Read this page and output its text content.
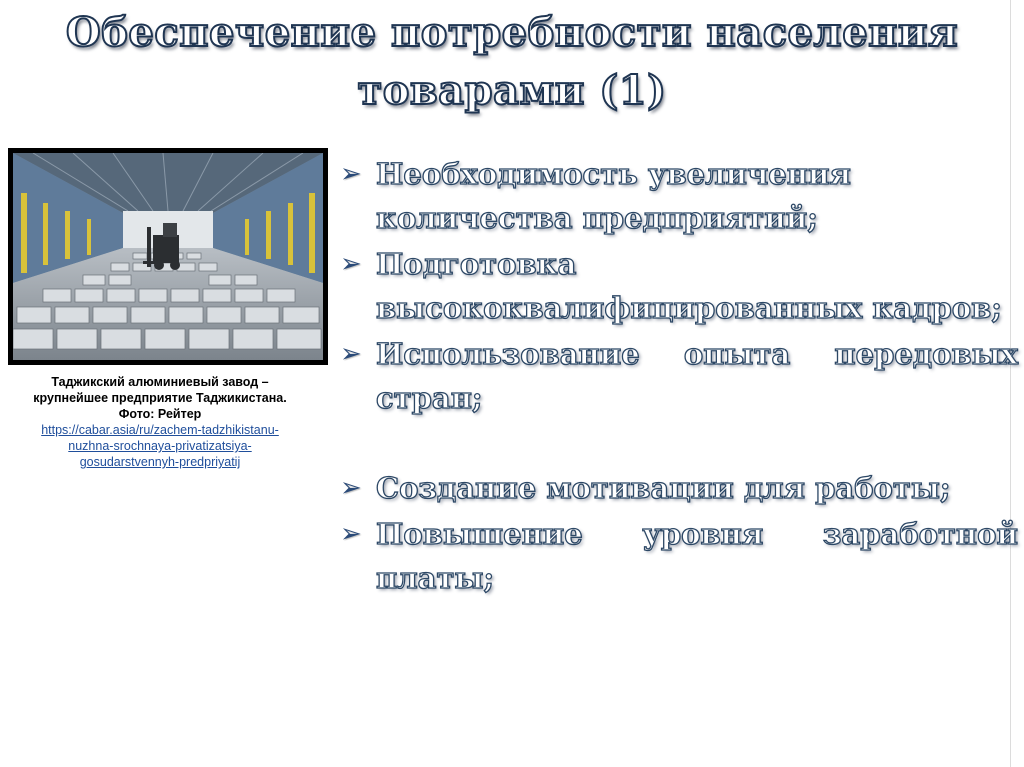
Обеспечение потребности населения
товарами (1)
Таджикский алюминиевый завод –
крупнейшее предприятие Таджикистана.
Фото: Рейтер
https://cabar.asia/ru/zachem-tadzhikistanu-
nuzhna-srochnaya-privatizatsiya-
gosudarstvennyh-predpriyatij
➢ Необходимость увеличения количества предприятий;
➢ Подготовка высококвалифицированных кадров;
➢ Использование опыта передовых стран;
➢ Создание мотивации для работы;
➢ Повышение уровня заработной платы;
